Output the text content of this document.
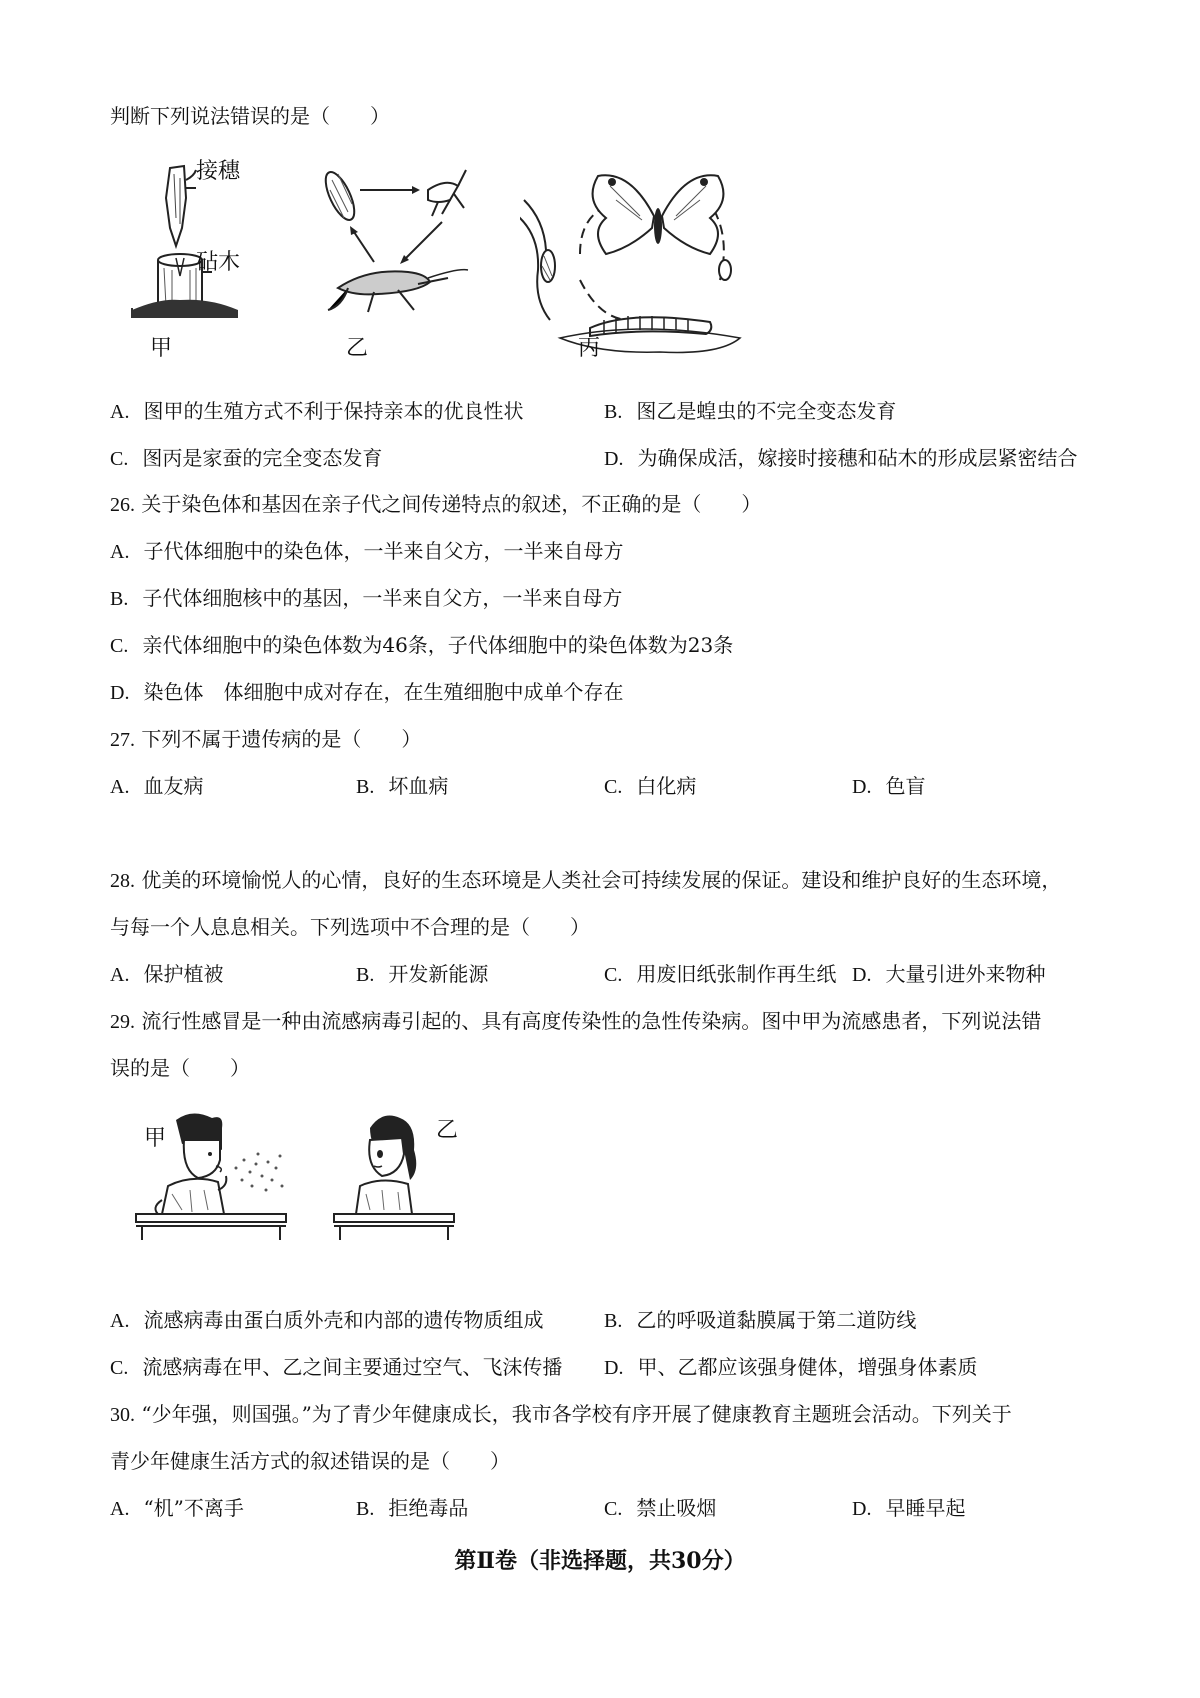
判断下列说法错误的是（　　）
接穗
砧木
甲	乙	丙
A. 图甲的生殖方式不利于保持亲本的优良性状	B. 图乙是蝗虫的不完全变态发育
C. 图丙是家蚕的完全变态发育	D. 为确保成活，嫁接时接穗和砧木的形成层紧密结合
26. 关于染色体和基因在亲子代之间传递特点的叙述，不正确的是（　　）
A. 子代体细胞中的染色体，一半来自父方，一半来自母方
B. 子代体细胞核中的基因，一半来自父方，一半来自母方
C. 亲代体细胞中的染色体数为46条，子代体细胞中的染色体数为23条
D. 染色体　体细胞中成对存在，在生殖细胞中成单个存在
27. 下列不属于遗传病的是（　　）
A. 血友病	B. 坏血病	C. 白化病	D. 色盲
28. 优美的环境愉悦人的心情，良好的生态环境是人类社会可持续发展的保证。建设和维护良好的生态环境，
与每一个人息息相关。下列选项中不合理的是（　　）
A. 保护植被	B. 开发新能源	C. 用废旧纸张制作再生纸 D. 大量引进外来物种
29. 流行性感冒是一种由流感病毒引起的、具有高度传染性的急性传染病。图中甲为流感患者，下列说法错
误的是（　　）
甲	乙
A. 流感病毒由蛋白质外壳和内部的遗传物质组成	B. 乙的呼吸道黏膜属于第二道防线
C. 流感病毒在甲、乙之间主要通过空气、飞沫传播 D. 甲、乙都应该强身健体，增强身体素质
30. “少年强，则国强。”为了青少年健康成长，我市各学校有序开展了健康教育主题班会活动。下列关于
青少年健康生活方式的叙述错误的是（　　）
A. “机”不离手	B. 拒绝毒品	C. 禁止吸烟	D. 早睡早起
第Ⅱ卷（非选择题，共30分）
